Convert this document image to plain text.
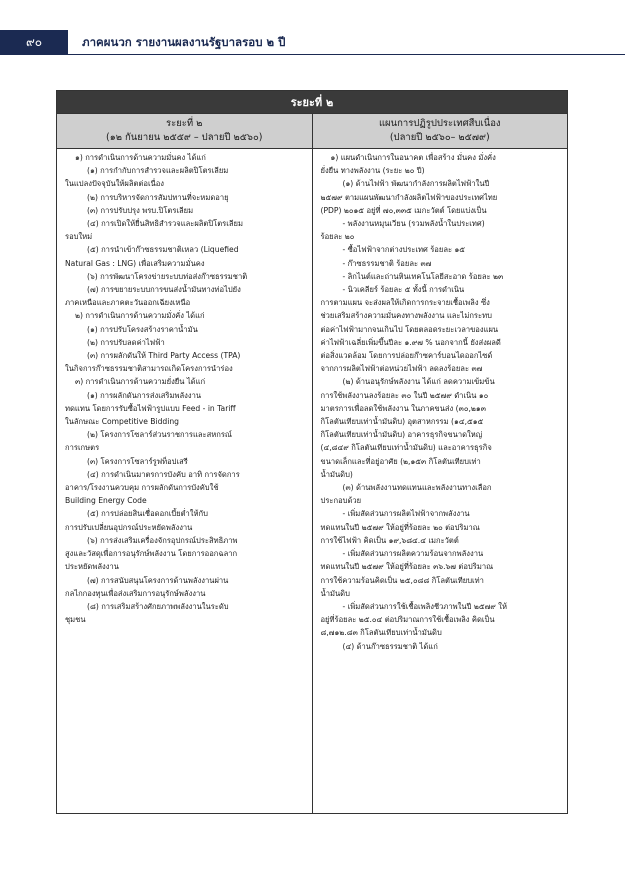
๙๐	ภาคผนวก รายงานผลงานรัฐบาลรอบ ๒ ปี
ระยะที่ ๒
ระยะที่ ๒
(๑๒ กันยายน ๒๕๕๙ – ปลายปี ๒๕๖๐)
แผนการปฏิรูปประเทศสืบเนื่อง
(ปลายปี ๒๕๖๐– ๒๕๗๙)
๑) การดำเนินการด้านความมั่นคง ได้แก่
(๑) การกำกับการสำรวจและผลิตปิโตรเลียม
ในแปลงปัจจุบันให้ผลิตต่อเนื่อง
(๒) การบริหารจัดการสัมปทานที่จะหมดอายุ
(๓) การปรับปรุง พรบ.ปิโตรเลียม
(๔) การเปิดให้ยื่นสิทธิสำรวจและผลิตปิโตรเลียม
รอบใหม่
(๕) การนำเข้าก๊าซธรรมชาติเหลว (Liquefied
Natural Gas : LNG) เพื่อเสริมความมั่นคง
(๖) การพัฒนาโครงข่ายระบบท่อส่งก๊าซธรรมชาติ
(๗) การขยายระบบการขนส่งน้ำมันทางท่อไปยัง
ภาคเหนือและภาคตะวันออกเฉียงเหนือ
๒) การดำเนินการด้านความมั่งคั่ง ได้แก่
(๑) การปรับโครงสร้างราคาน้ำมัน
(๒) การปรับลดค่าไฟฟ้า
(๓) การผลักดันให้ Third Party Access (TPA)
ในกิจการก๊าซธรรมชาติสามารถเกิดโครงการนำร่อง
๓) การดำเนินการด้านความยั่งยืน ได้แก่
(๑) การผลักดันการส่งเสริมพลังงาน
ทดแทน โดยการรับซื้อไฟฟ้ารูปแบบ Feed - in Tariff
ในลักษณะ Competitive Bidding
(๒) โครงการโซลาร์ส่วนราชการและสหกรณ์
การเกษตร
(๓) โครงการโซลาร์รูฟท็อปเสรี
(๔) การดำเนินมาตรการบังคับ อาทิ การจัดการ
อาคาร/โรงงานควบคุม การผลักดันการบังคับใช้
Building Energy Code
(๕) การปล่อยสินเชื่อดอกเบี้ยต่ำให้กับ
การปรับเปลี่ยนอุปกรณ์ประหยัดพลังงาน
(๖) การส่งเสริมเครื่องจักรอุปกรณ์ประสิทธิภาพ
สูงและวัสดุเพื่อการอนุรักษ์พลังงาน โดยการออกฉลาก
ประหยัดพลังงาน
(๗) การสนับสนุนโครงการด้านพลังงานผ่าน
กลไกกองทุนเพื่อส่งเสริมการอนุรักษ์พลังงาน
(๘) การเสริมสร้างศักยภาพพลังงานในระดับ
ชุมชน
๑) แผนดำเนินการในอนาคต เพื่อสร้าง มั่นคง มั่งคั่ง
ยั่งยืน ทางพลังงาน (ระยะ ๒๐ ปี)
(๑) ด้านไฟฟ้า พัฒนากำลังการผลิตไฟฟ้าในปี
๒๕๗๙ ตามแผนพัฒนากำลังผลิตไฟฟ้าของประเทศไทย
(PDP) ๒๐๑๕ อยู่ที่ ๗๐,๓๓๕ เมกะวัตต์ โดยแบ่งเป็น
- พลังงานหมุนเวียน (รวมพลังน้ำในประเทศ)
ร้อยละ ๒๐
- ซื้อไฟฟ้าจากต่างประเทศ ร้อยละ ๑๕
- ก๊าซธรรมชาติ ร้อยละ ๓๗
- ลิกไนต์และถ่านหินเทคโนโลยีสะอาด ร้อยละ ๒๓
- นิวเคลียร์ ร้อยละ ๕ ทั้งนี้ การดำเนิน
การตามแผน จะส่งผลให้เกิดการกระจายเชื้อเพลิง ซึ่ง
ช่วยเสริมสร้างความมั่นคงทางพลังงาน และไม่กระทบ
ต่อค่าไฟฟ้ามากจนเกินไป โดยตลอดระยะเวลาของแผน
ค่าไฟฟ้าเฉลี่ยเพิ่มขึ้นปีละ ๑.๙๗ % นอกจากนี้ ยังส่งผลดี
ต่อสิ่งแวดล้อม โดยการปล่อยก๊าซคาร์บอนไดออกไซด์
จากการผลิตไฟฟ้าต่อหน่วยไฟฟ้า ลดลงร้อยละ ๓๗
(๒) ด้านอนุรักษ์พลังงาน ได้แก่ ลดความเข้มข้น
การใช้พลังงานลงร้อยละ ๓๐ ในปี ๒๕๗๙ ดำเนิน ๑๐
มาตรการเพื่อลดใช้พลังงาน ในภาคขนส่ง (๓๐,๒๑๓
กิโลตันเทียบเท่าน้ำมันดิบ) อุตสาหกรรม (๑๔,๕๑๕
กิโลตันเทียบเท่าน้ำมันดิบ) อาคารธุรกิจขนาดใหญ่
(๔,๘๔๙ กิโลตันเทียบเท่าน้ำมันดิบ) และอาคารธุรกิจ
ขนาดเล็กและที่อยู่อาศัย (๒,๑๕๓ กิโลตันเทียบเท่า
น้ำมันดิบ)
(๓) ด้านพลังงานทดแทนและพลังงานทางเลือก
ประกอบด้วย
- เพิ่มสัดส่วนการผลิตไฟฟ้าจากพลังงาน
ทดแทนในปี ๒๕๗๙ ให้อยู่ที่ร้อยละ ๒๐ ต่อปริมาณ
การใช้ไฟฟ้า คิดเป็น ๑๙,๖๘๔.๔ เมกะวัตต์
- เพิ่มสัดส่วนการผลิตความร้อนจากพลังงาน
ทดแทนในปี ๒๕๗๙ ให้อยู่ที่ร้อยละ ๓๖.๖๗ ต่อปริมาณ
การใช้ความร้อนคิดเป็น ๒๕,๐๘๘ กิโลตันเทียบเท่า
น้ำมันดิบ
- เพิ่มสัดส่วนการใช้เชื้อเพลิงชีวภาพในปี ๒๕๗๙ ให้
อยู่ที่ร้อยละ ๒๕.๐๔ ต่อปริมาณการใช้เชื้อเพลิง คิดเป็น
๘,๗๑๒.๘๓ กิโลตันเทียบเท่าน้ำมันดิบ
(๔) ด้านก๊าซธรรมชาติ ได้แก่
